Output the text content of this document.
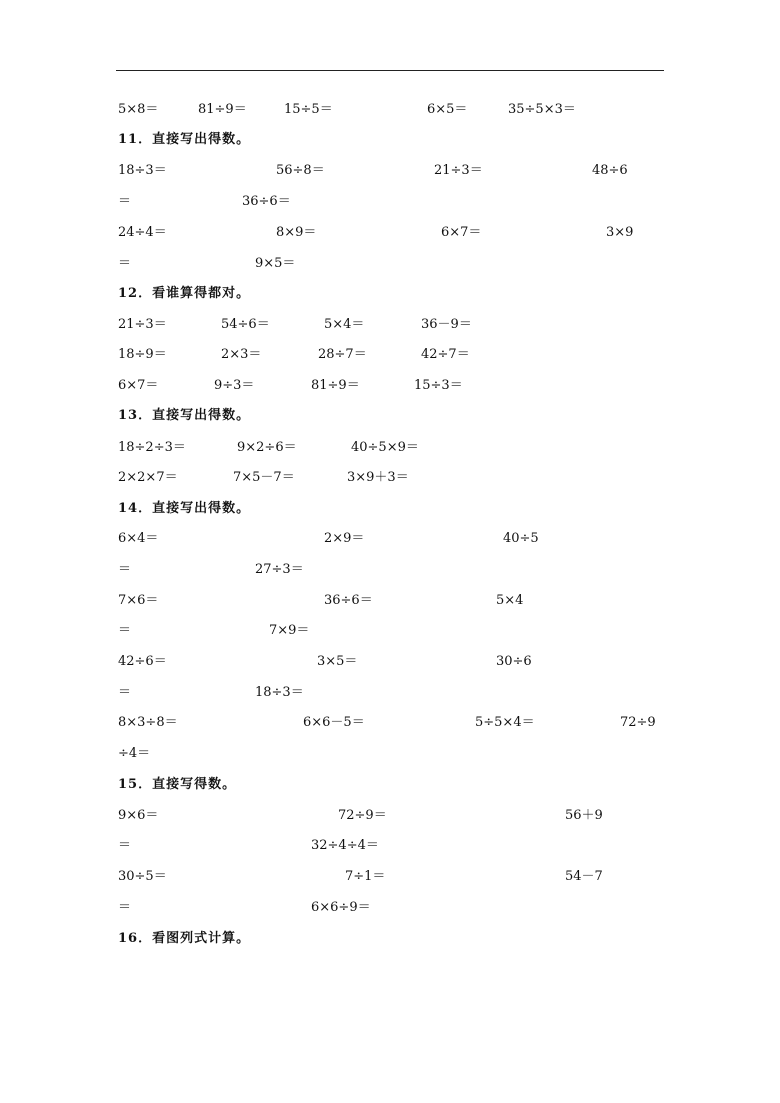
5×8＝	81÷9＝	15÷5＝	6×5＝	35÷5×3＝
11．直接写出得数。
18÷3＝	56÷8＝	21÷3＝	48÷6
＝	36÷6＝
24÷4＝	8×9＝	6×7＝	3×9
＝	9×5＝
12．看谁算得都对。
21÷3＝	54÷6＝	5×4＝	36－9＝
18÷9＝	2×3＝	28÷7＝	42÷7＝
6×7＝	9÷3＝	81÷9＝	15÷3＝
13．直接写出得数。
18÷2÷3＝	9×2÷6＝	40÷5×9＝
2×2×7＝	7×5－7＝	3×9＋3＝
14．直接写出得数。
6×4＝	2×9＝	40÷5
＝	27÷3＝
7×6＝	36÷6＝	5×4
＝	7×9＝
42÷6＝	3×5＝	30÷6
＝	18÷3＝
8×3÷8＝	6×6－5＝	5÷5×4＝	72÷9
÷4＝
15．直接写得数。
9×6＝	72÷9＝	56＋9
＝	32÷4÷4＝
30÷5＝	7÷1＝	54－7
＝	6×6÷9＝
16．看图列式计算。
